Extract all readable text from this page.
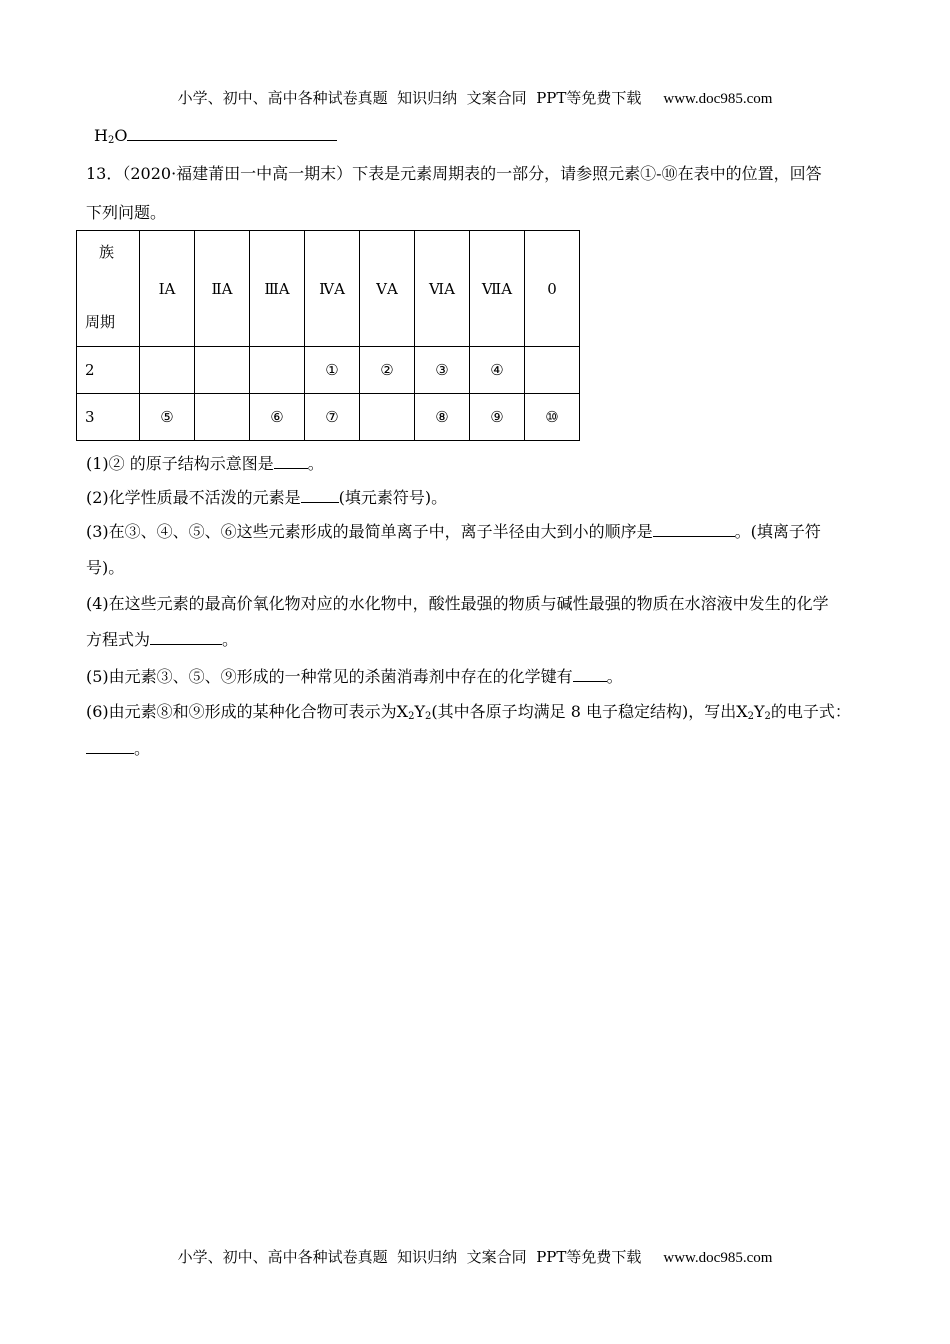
小学、初中、高中各种试卷真题  知识归纳  文案合同  PPT等免费下载 www.doc985.com
$H_2O$
13．（2020·福建莆田一中高一期末）下表是元素周期表的一部分，请参照元素①-⑩在表中的位置，回答
下列问题。
族
周期	ⅠA	ⅡA	ⅢA	ⅣA	ⅤA	ⅥA	ⅦA	0
2				①	②	③	④	
3	⑤		⑥	⑦		⑧	⑨	⑩
(1)② 的原子结构示意图是 。
(2)化学性质最不活泼的元素是 (填元素符号)。
(3)在③、④、⑤、⑥这些元素形成的最简单离子中，离子半径由大到小的顺序是	。(填离子符
号)。
(4)在这些元素的最高价氧化物对应的水化物中，酸性最强的物质与碱性最强的物质在水溶液中发生的化学
方程式为	。
(5)由元素③、⑤、⑨形成的一种常见的杀菌消毒剂中存在的化学键有 。
(6)由元素⑧和⑨形成的某种化合物可表示为$X_2Y_2$(其中各原子均满足 8 电子稳定结构)，写出$X_2Y_2$的电子式：
。
小学、初中、高中各种试卷真题  知识归纳  文案合同  PPT等免费下载 www.doc985.com
